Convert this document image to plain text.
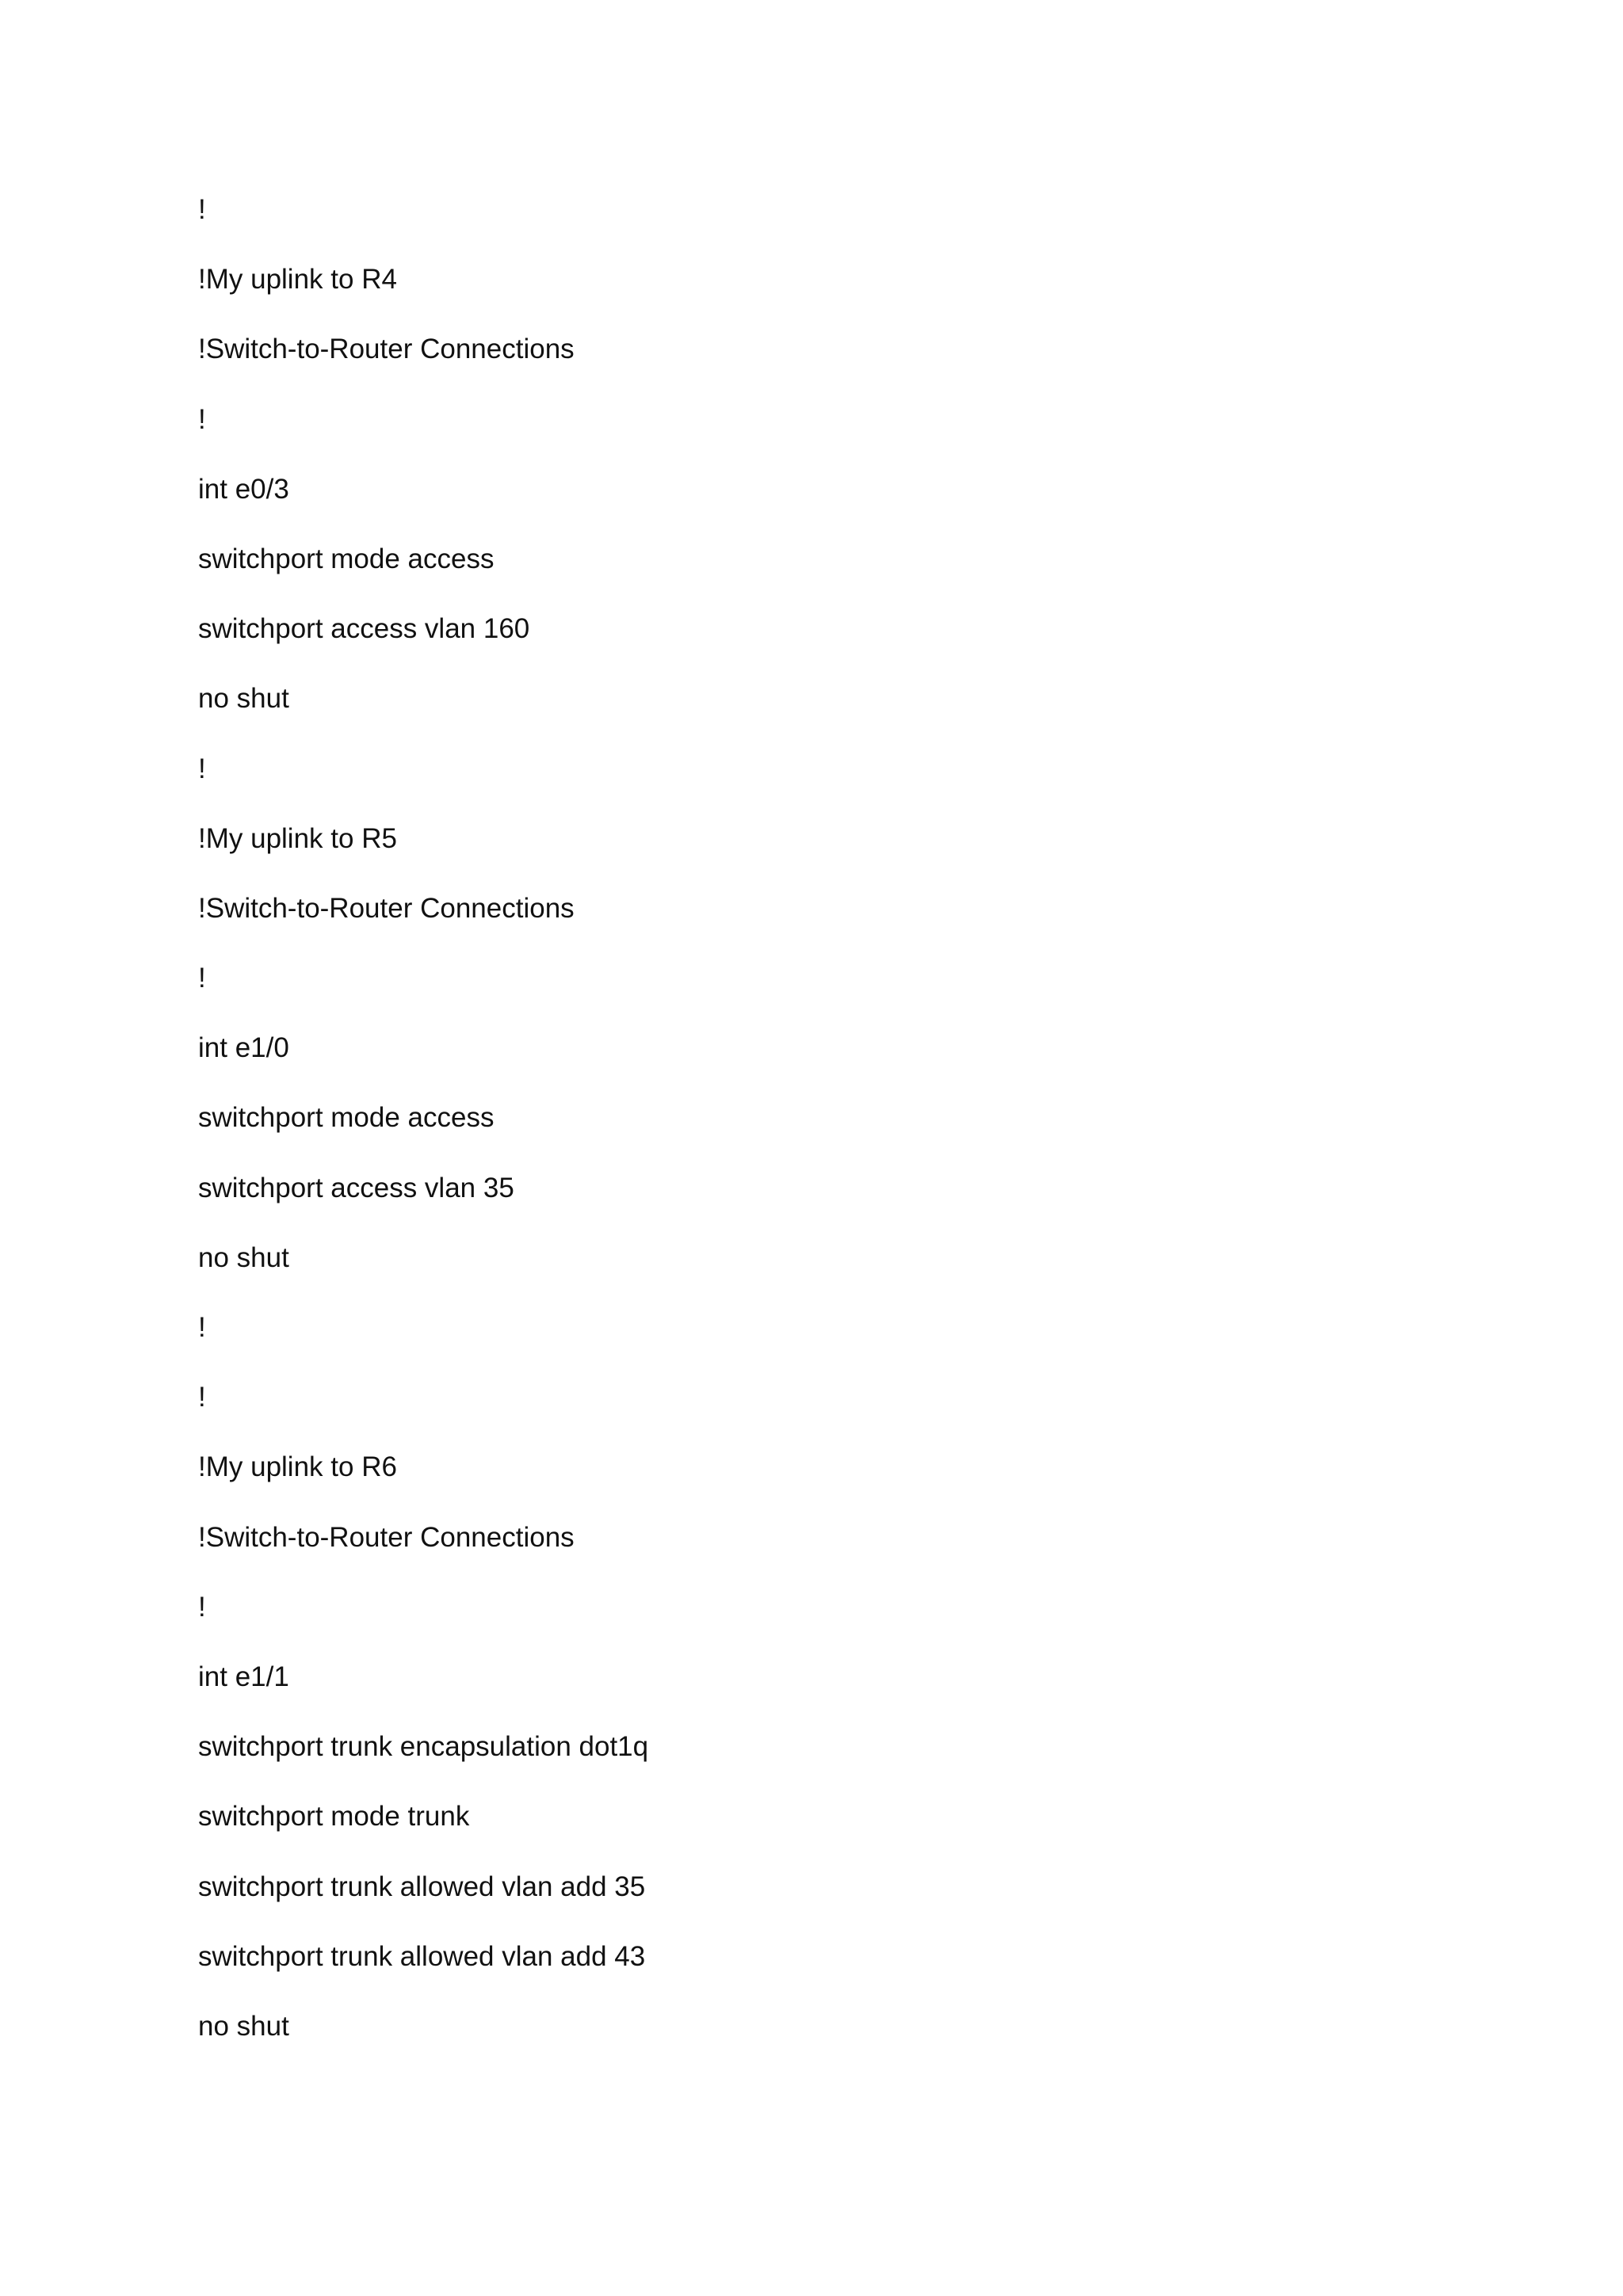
!
!My uplink to R4
!Switch-to-Router Connections
!
int e0/3
switchport mode access
switchport access vlan 160
no shut
!
!My uplink to R5
!Switch-to-Router Connections
!
int e1/0
switchport mode access
switchport access vlan 35
no shut
!
!
!My uplink to R6
!Switch-to-Router Connections
!
int e1/1
switchport trunk encapsulation dot1q
switchport mode trunk
switchport trunk allowed vlan add 35
switchport trunk allowed vlan add 43
no shut
